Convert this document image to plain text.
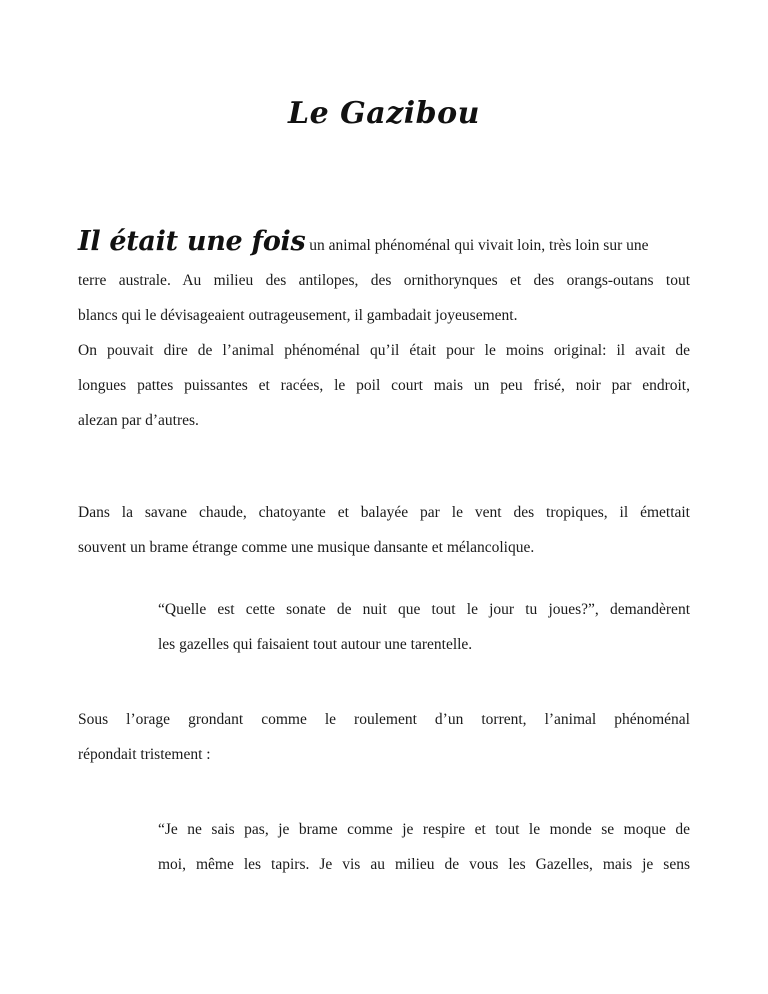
Le Gazibou
Il était une fois un animal phénoménal qui vivait loin, très loin sur une
terre australe. Au milieu des antilopes, des ornithorynques et des orangs-outans tout
blancs qui le dévisageaient outrageusement, il gambadait joyeusement.
On pouvait dire de l’animal phénoménal qu’il était pour le moins original: il avait de
longues pattes puissantes et racées, le poil court mais un peu frisé, noir par endroit,
alezan par d’autres.
Dans la savane chaude, chatoyante et balayée par le vent des tropiques, il émettait
souvent un brame étrange comme une musique dansante et mélancolique.
“Quelle est cette sonate de nuit que tout le jour tu joues?”, demandèrent
les gazelles qui faisaient tout autour une tarentelle.
Sous l’orage grondant comme le roulement d’un torrent, l’animal phénoménal
répondait tristement :
“Je ne sais pas, je brame comme je respire et tout le monde se moque de
moi, même les tapirs. Je vis au milieu de vous les Gazelles, mais je sens
